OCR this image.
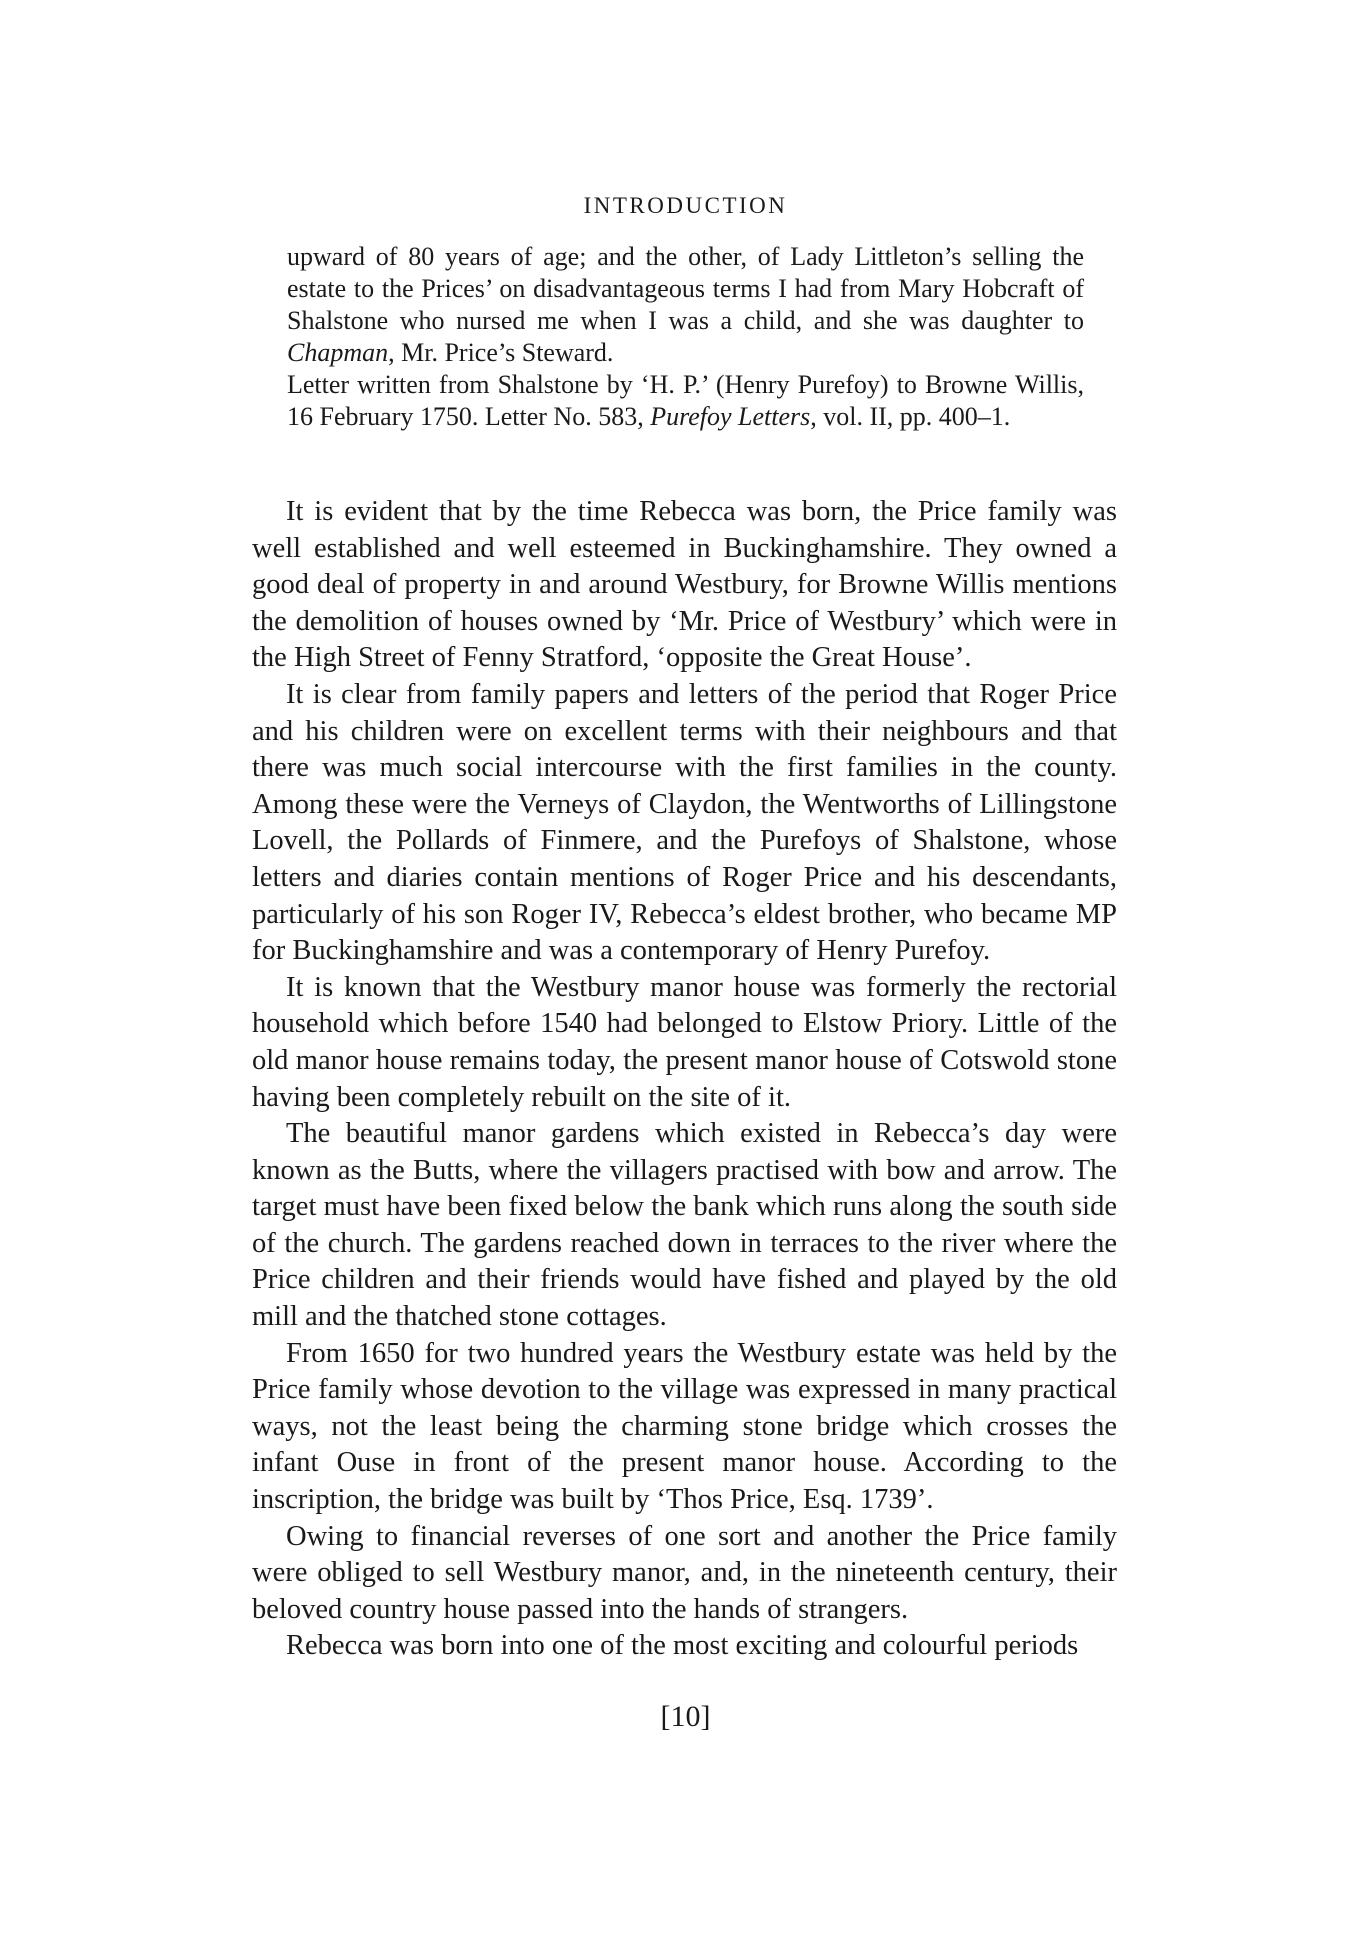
INTRODUCTION

upward of 80 years of age; and the other, of Lady Littleton’s selling the estate to the Prices’ on disadvantageous terms I had from Mary Hobcraft of Shalstone who nursed me when I was a child, and she was daughter to Chapman, Mr. Price’s Steward.

Letter written from Shalstone by ‘H. P.’ (Henry Purefoy) to Browne Willis, 16 February 1750. Letter No. 583, Purefoy Letters, vol. II, pp. 400–1.

It is evident that by the time Rebecca was born, the Price family was well established and well esteemed in Buckinghamshire. They owned a good deal of property in and around Westbury, for Browne Willis mentions the demolition of houses owned by ‘Mr. Price of Westbury’ which were in the High Street of Fenny Stratford, ‘opposite the Great House’.

It is clear from family papers and letters of the period that Roger Price and his children were on excellent terms with their neighbours and that there was much social intercourse with the first families in the county. Among these were the Verneys of Claydon, the Wentworths of Lillingstone Lovell, the Pollards of Finmere, and the Purefoys of Shalstone, whose letters and diaries contain mentions of Roger Price and his descendants, particularly of his son Roger IV, Rebecca’s eldest brother, who became MP for Buckinghamshire and was a contemporary of Henry Purefoy.

It is known that the Westbury manor house was formerly the rectorial household which before 1540 had belonged to Elstow Priory. Little of the old manor house remains today, the present manor house of Cotswold stone having been completely rebuilt on the site of it.

The beautiful manor gardens which existed in Rebecca’s day were known as the Butts, where the villagers practised with bow and arrow. The target must have been fixed below the bank which runs along the south side of the church. The gardens reached down in terraces to the river where the Price children and their friends would have fished and played by the old mill and the thatched stone cottages.

From 1650 for two hundred years the Westbury estate was held by the Price family whose devotion to the village was expressed in many practical ways, not the least being the charming stone bridge which crosses the infant Ouse in front of the present manor house. According to the inscription, the bridge was built by ‘Thos Price, Esq. 1739’.

Owing to financial reverses of one sort and another the Price family were obliged to sell Westbury manor, and, in the nineteenth century, their beloved country house passed into the hands of strangers.

Rebecca was born into one of the most exciting and colourful periods

[10]
